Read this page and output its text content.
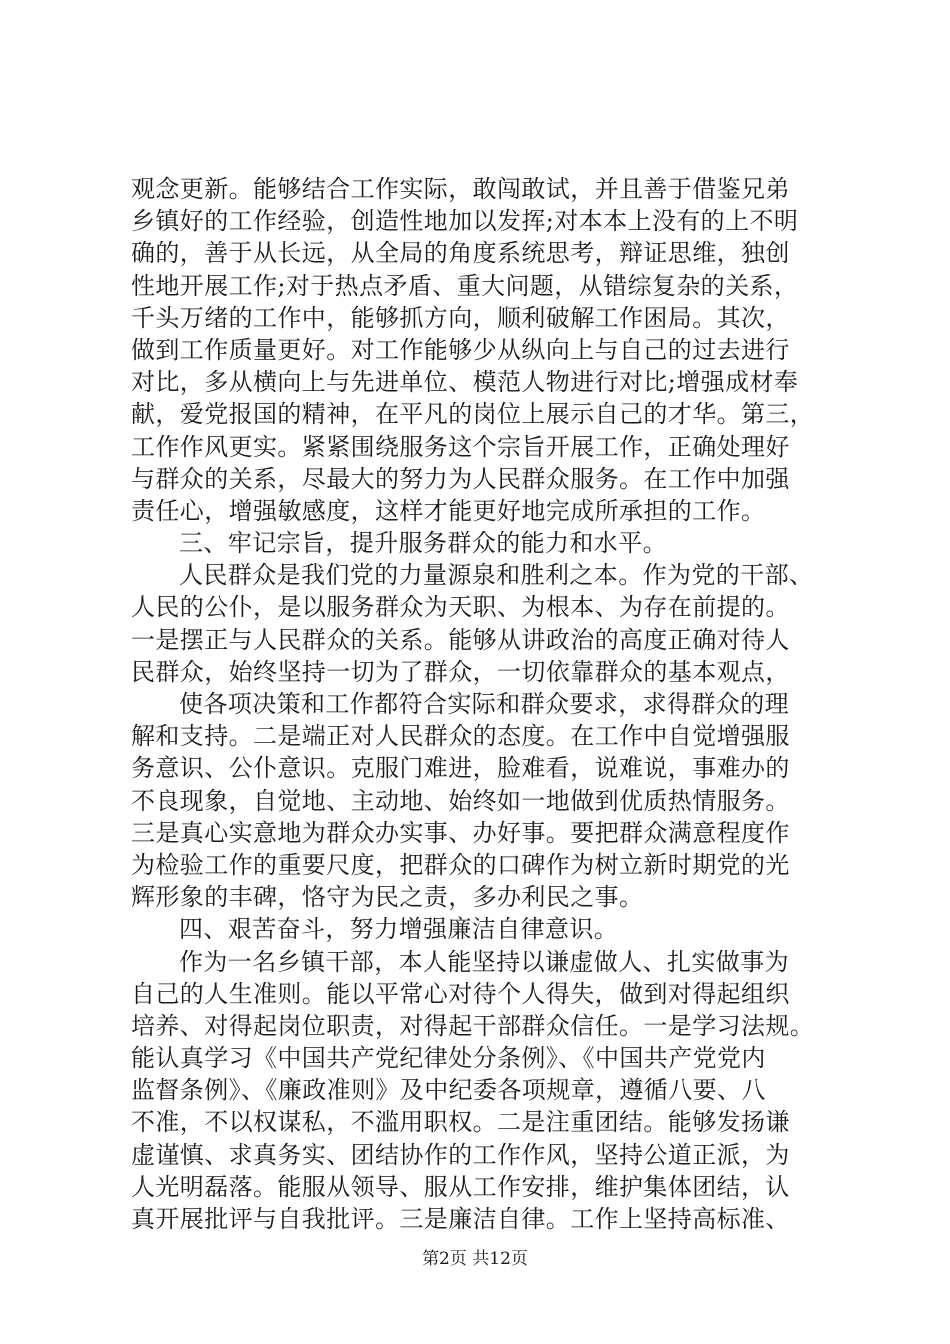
观念更新。能够结合工作实际，敢闯敢试，并且善于借鉴兄弟
乡镇好的工作经验，创造性地加以发挥;对本本上没有的上不明
确的，善于从长远，从全局的角度系统思考，辩证思维，独创
性地开展工作;对于热点矛盾、重大问题，从错综复杂的关系，
千头万绪的工作中，能够抓方向，顺利破解工作困局。其次，
做到工作质量更好。对工作能够少从纵向上与自己的过去进行
对比，多从横向上与先进单位、模范人物进行对比;增强成材奉
献，爱党报国的精神，在平凡的岗位上展示自己的才华。第三，
工作作风更实。紧紧围绕服务这个宗旨开展工作，正确处理好
与群众的关系，尽最大的努力为人民群众服务。在工作中加强
责任心，增强敏感度，这样才能更好地完成所承担的工作。
三、牢记宗旨，提升服务群众的能力和水平。
人民群众是我们党的力量源泉和胜利之本。作为党的干部、
人民的公仆，是以服务群众为天职、为根本、为存在前提的。
一是摆正与人民群众的关系。能够从讲政治的高度正确对待人
民群众，始终坚持一切为了群众，一切依靠群众的基本观点，
使各项决策和工作都符合实际和群众要求，求得群众的理
解和支持。二是端正对人民群众的态度。在工作中自觉增强服
务意识、公仆意识。克服门难进，脸难看，说难说，事难办的
不良现象，自觉地、主动地、始终如一地做到优质热情服务。
三是真心实意地为群众办实事、办好事。要把群众满意程度作
为检验工作的重要尺度，把群众的口碑作为树立新时期党的光
辉形象的丰碑，恪守为民之责，多办利民之事。
四、艰苦奋斗，努力增强廉洁自律意识。
作为一名乡镇干部，本人能坚持以谦虚做人、扎实做事为
自己的人生准则。能以平常心对待个人得失，做到对得起组织
培养、对得起岗位职责，对得起干部群众信任。一是学习法规。
能认真学习《中国共产党纪律处分条例》、《中国共产党党内
监督条例》、《廉政准则》及中纪委各项规章，遵循八要、八
不准，不以权谋私，不滥用职权。二是注重团结。能够发扬谦
虚谨慎、求真务实、团结协作的工作作风，坚持公道正派，为
人光明磊落。能服从领导、服从工作安排，维护集体团结，认
真开展批评与自我批评。三是廉洁自律。工作上坚持高标准、
第2页 共12页
